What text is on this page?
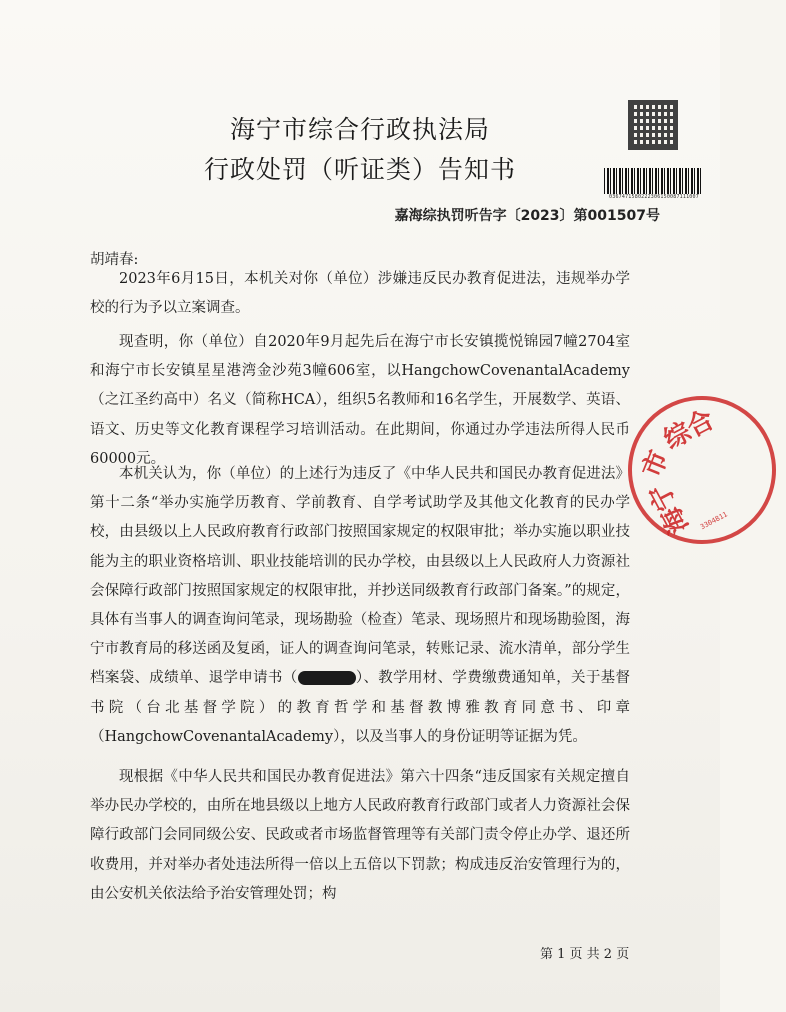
0367471580222306150087111007
海宁市综合行政执法局
行政处罚（听证类）告知书
嘉海综执罚听告字〔2023〕第001507号
胡靖春:
2023年6月15日，本机关对你（单位）涉嫌违反民办教育促进法，违规举办学校的行为予以立案调查。
现查明，你（单位）自2020年9月起先后在海宁市长安镇揽悦锦园7幢2704室和海宁市长安镇星星港湾金沙苑3幢606室，以HangchowCovenantalAcademy（之江圣约高中）名义（简称HCA），组织5名教师和16名学生，开展数学、英语、语文、历史等文化教育课程学习培训活动。在此期间，你通过办学违法所得人民币60000元。
本机关认为，你（单位）的上述行为违反了《中华人民共和国民办教育促进法》第十二条“举办实施学历教育、学前教育、自学考试助学及其他文化教育的民办学校，由县级以上人民政府教育行政部门按照国家规定的权限审批；举办实施以职业技能为主的职业资格培训、职业技能培训的民办学校，由县级以上人民政府人力资源社会保障行政部门按照国家规定的权限审批，并抄送同级教育行政部门备案。”的规定，具体有当事人的调查询问笔录，现场勘验（检查）笔录、现场照片和现场勘验图，海宁市教育局的移送函及复函，证人的调查询问笔录，转账记录、流水清单，部分学生档案袋、成绩单、退学申请书（	）、教学用材、学费缴费通知单，关于基督书院（台北基督学院）的教育哲学和基督教博雅教育同意书、印章（HangchowCovenantalAcademy），以及当事人的身份证明等证据为凭。
现根据《中华人民共和国民办教育促进法》第六十四条“违反国家有关规定擅自举办民办学校的，由所在地县级以上地方人民政府教育行政部门或者人力资源社会保障行政部门会同同级公安、民政或者市场监督管理等有关部门责令停止办学、退还所收费用，并对举办者处违法所得一倍以上五倍以下罚款；构成违反治安管理行为的，由公安机关依法给予治安管理处罚；构
综合
市
海宁 3304811
第 1 页 共 2 页
